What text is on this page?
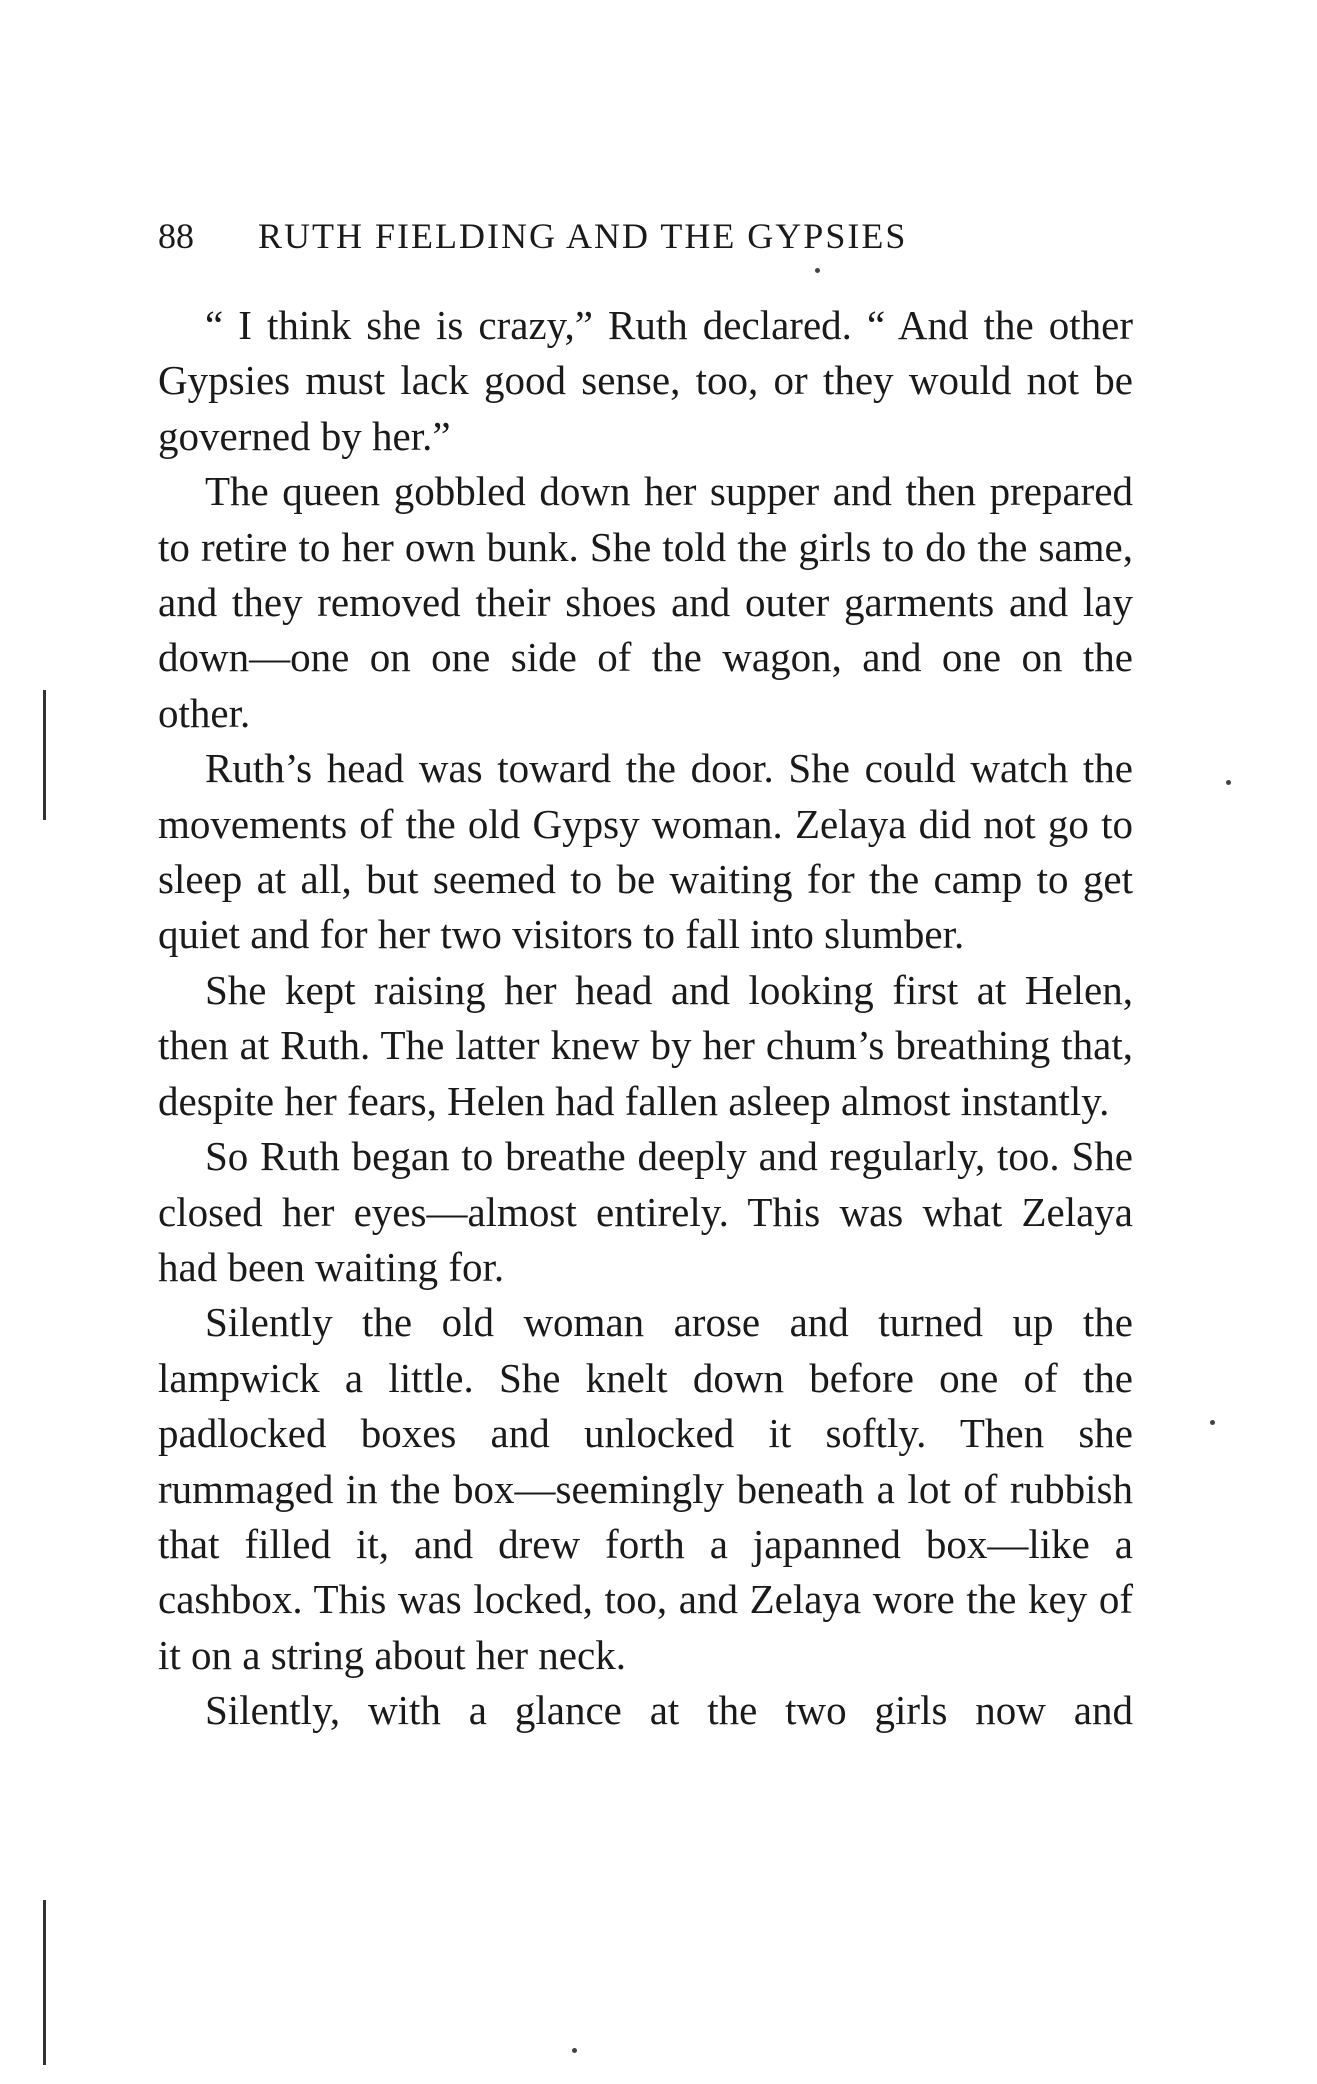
88 RUTH FIELDING AND THE GYPSIES

“ I think she is crazy,” Ruth declared. “ And the other Gypsies must lack good sense, too, or they would not be governed by her.”

The queen gobbled down her supper and then prepared to retire to her own bunk. She told the girls to do the same, and they removed their shoes and outer garments and lay down—one on one side of the wagon, and one on the other.

Ruth’s head was toward the door. She could watch the movements of the old Gypsy woman. Zelaya did not go to sleep at all, but seemed to be waiting for the camp to get quiet and for her two visitors to fall into slumber.

She kept raising her head and looking first at Helen, then at Ruth. The latter knew by her chum’s breathing that, despite her fears, Helen had fallen asleep almost instantly.

So Ruth began to breathe deeply and regularly, too. She closed her eyes—almost entirely. This was what Zelaya had been waiting for.

Silently the old woman arose and turned up the lampwick a little. She knelt down before one of the padlocked boxes and unlocked it softly. Then she rummaged in the box—seemingly beneath a lot of rubbish that filled it, and drew forth a japanned box—like a cashbox. This was locked, too, and Zelaya wore the key of it on a string about her neck.

Silently, with a glance at the two girls now and
